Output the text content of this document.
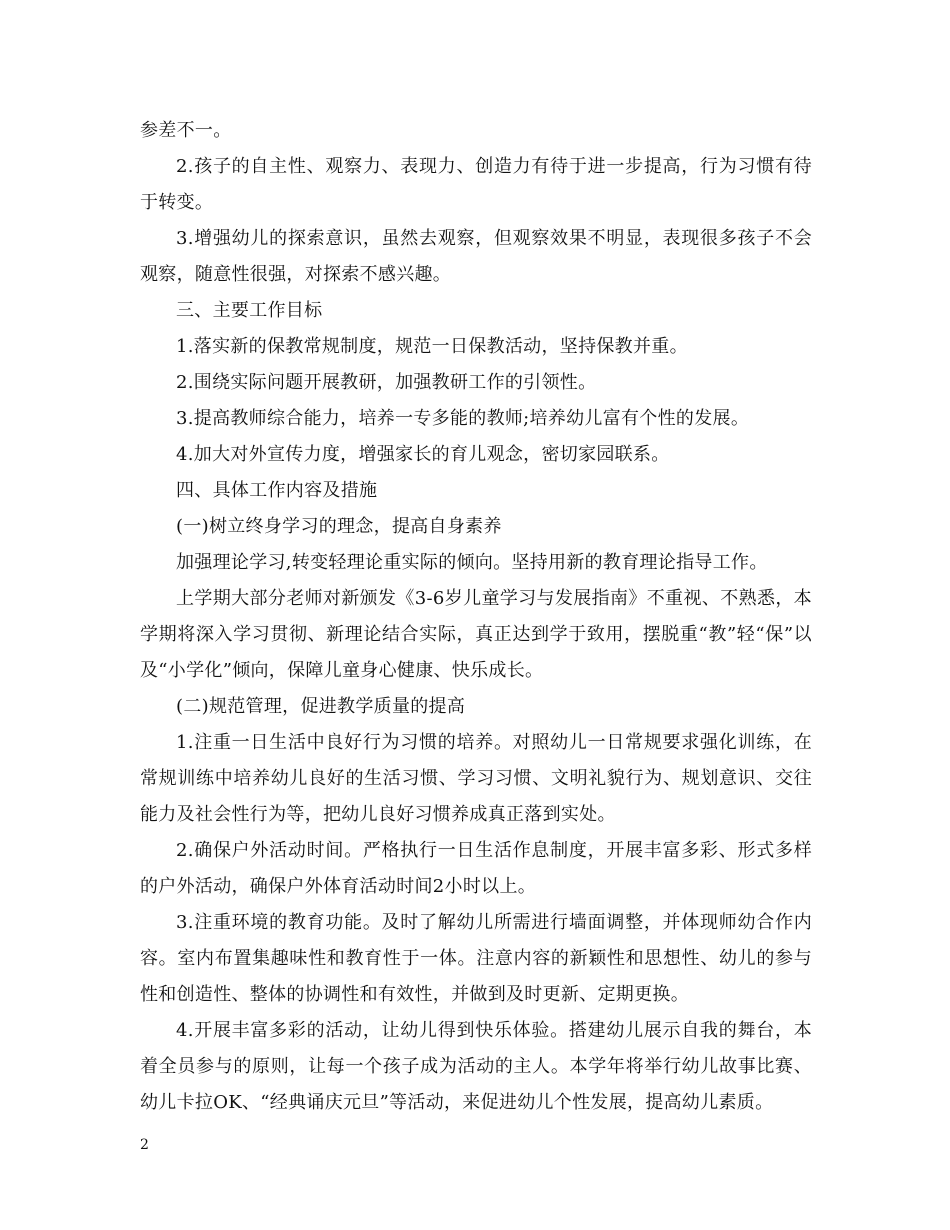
参差不一。

2.孩子的自主性、观察力、表现力、创造力有待于进一步提高，行为习惯有待于转变。

3.增强幼儿的探索意识，虽然去观察，但观察效果不明显，表现很多孩子不会观察，随意性很强，对探索不感兴趣。

三、主要工作目标

1.落实新的保教常规制度，规范一日保教活动，坚持保教并重。

2.围绕实际问题开展教研，加强教研工作的引领性。

3.提高教师综合能力，培养一专多能的教师;培养幼儿富有个性的发展。

4.加大对外宣传力度，增强家长的育儿观念，密切家园联系。

四、具体工作内容及措施

(一)树立终身学习的理念，提高自身素养

加强理论学习,转变轻理论重实际的倾向。坚持用新的教育理论指导工作。

上学期大部分老师对新颁发《3-6岁儿童学习与发展指南》不重视、不熟悉，本学期将深入学习贯彻、新理论结合实际，真正达到学于致用，摆脱重“教”轻“保”以及“小学化”倾向，保障儿童身心健康、快乐成长。

(二)规范管理，促进教学质量的提高

1.注重一日生活中良好行为习惯的培养。对照幼儿一日常规要求强化训练，在常规训练中培养幼儿良好的生活习惯、学习习惯、文明礼貌行为、规划意识、交往能力及社会性行为等，把幼儿良好习惯养成真正落到实处。

2.确保户外活动时间。严格执行一日生活作息制度，开展丰富多彩、形式多样的户外活动，确保户外体育活动时间2小时以上。

3.注重环境的教育功能。及时了解幼儿所需进行墙面调整，并体现师幼合作内容。室内布置集趣味性和教育性于一体。注意内容的新颖性和思想性、幼儿的参与性和创造性、整体的协调性和有效性，并做到及时更新、定期更换。

4.开展丰富多彩的活动，让幼儿得到快乐体验。搭建幼儿展示自我的舞台，本着全员参与的原则，让每一个孩子成为活动的主人。本学年将举行幼儿故事比赛、幼儿卡拉OK、“经典诵庆元旦”等活动，来促进幼儿个性发展，提高幼儿素质。

2
